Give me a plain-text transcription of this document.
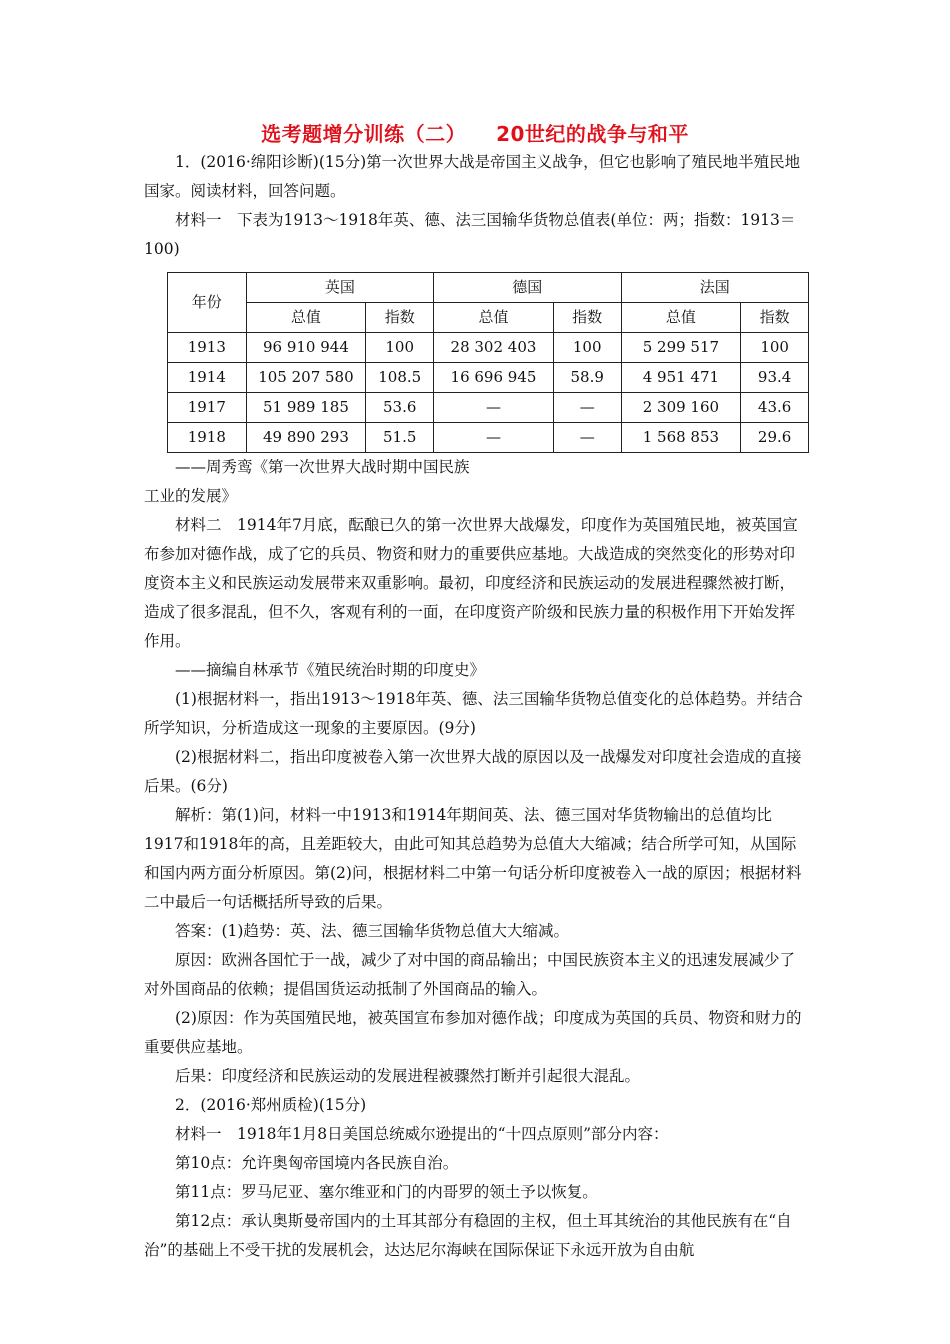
选考题增分训练（二） 20世纪的战争与和平

1．(2016·绵阳诊断)(15分)第一次世界大战是帝国主义战争，但它也影响了殖民地半殖民地国家。阅读材料，回答问题。

材料一　下表为1913～1918年英、德、法三国输华货物总值表(单位：两；指数：1913＝100)

年份	英国		德国		法国	
	总值	指数	总值	指数	总值	指数
1913	96 910 944	100	28 302 403	100	5 299 517	100
1914	105 207 580	108.5	16 696 945	58.9	4 951 471	93.4
1917	51 989 185	53.6	—	—	2 309 160	43.6
1918	49 890 293	51.5	—	—	1 568 853	29.6

——周秀鸾《第一次世界大战时期中国民族

工业的发展》

材料二　1914年7月底，酝酿已久的第一次世界大战爆发，印度作为英国殖民地，被英国宣布参加对德作战，成了它的兵员、物资和财力的重要供应基地。大战造成的突然变化的形势对印度资本主义和民族运动发展带来双重影响。最初，印度经济和民族运动的发展进程骤然被打断，造成了很多混乱，但不久，客观有利的一面，在印度资产阶级和民族力量的积极作用下开始发挥作用。

——摘编自林承节《殖民统治时期的印度史》

(1)根据材料一，指出1913～1918年英、德、法三国输华货物总值变化的总体趋势。并结合所学知识，分析造成这一现象的主要原因。(9分)

(2)根据材料二，指出印度被卷入第一次世界大战的原因以及一战爆发对印度社会造成的直接后果。(6分)

解析：第(1)问，材料一中1913和1914年期间英、法、德三国对华货物输出的总值均比1917和1918年的高，且差距较大，由此可知其总趋势为总值大大缩减；结合所学可知，从国际和国内两方面分析原因。第(2)问，根据材料二中第一句话分析印度被卷入一战的原因；根据材料二中最后一句话概括所导致的后果。

答案：(1)趋势：英、法、德三国输华货物总值大大缩减。

原因：欧洲各国忙于一战，减少了对中国的商品输出；中国民族资本主义的迅速发展减少了对外国商品的依赖；提倡国货运动抵制了外国商品的输入。

(2)原因：作为英国殖民地，被英国宣布参加对德作战；印度成为英国的兵员、物资和财力的重要供应基地。

后果：印度经济和民族运动的发展进程被骤然打断并引起很大混乱。

2．(2016·郑州质检)(15分)

材料一　1918年1月8日美国总统威尔逊提出的“十四点原则”部分内容：

第10点：允许奥匈帝国境内各民族自治。

第11点：罗马尼亚、塞尔维亚和门的内哥罗的领土予以恢复。

第12点：承认奥斯曼帝国内的土耳其部分有稳固的主权，但土耳其统治的其他民族有在“自治”的基础上不受干扰的发展机会，达达尼尔海峡在国际保证下永远开放为自由航
